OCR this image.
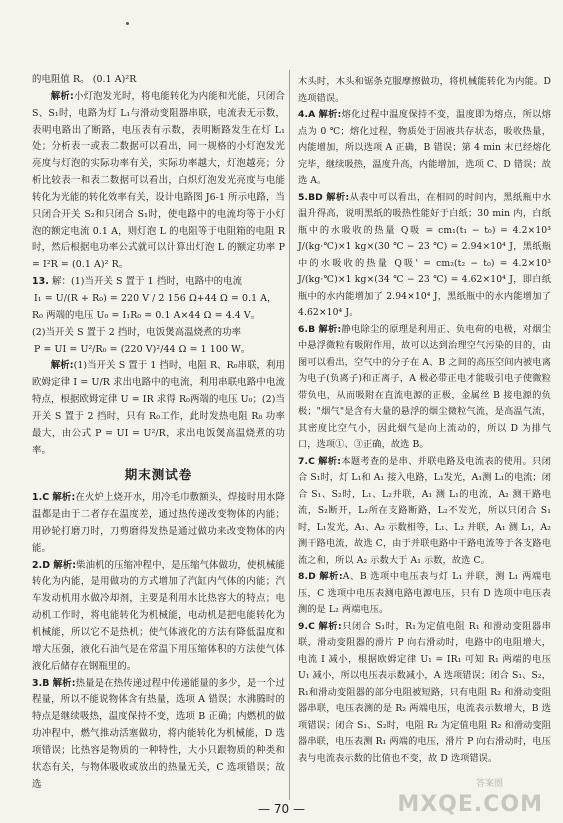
的电阻值 R。 (0.1 A)²R

解析:小灯泡发光时，将电能转化为内能和光能，只闭合 S、S₁时，电路为灯 L₁与滑动变阻器串联，电流表无示数，表明电路出了断路，电压表有示数，表明断路发生在灯 L₁处；分析表一或表二数据可以看出，同一规格的小灯泡发光亮度与灯泡的实际功率有关，实际功率越大，灯泡越亮；分析比较表一和表二数据可以看出，白炽灯泡发光亮度与电能转化为光能的转化效率有关，设计电路图 J6-1 所示电路，当只闭合开关 S₂和只闭合 S₁时，使电路中的电流均等于小灯泡的额定电流 0.1 A，则灯泡 L 的电阻等于电阻箱的电阻 R 时，然后根据电功率公式就可以计算出灯泡 L 的额定功率 P = I²R = (0.1 A)² R。

13. 解：(1)当开关 S 置于 1 挡时，电路中的电流

I₁ = U/(R + R₀) = 220 V / 2 156 Ω+44 Ω = 0.1 A，

R₀ 两端的电压 U₀ = I₁R₀ = 0.1 A×44 Ω = 4.4 V。

(2)当开关 S 置于 2 挡时，电饭煲高温烧煮的功率

P = UI = U²/R₀ = (220 V)²/44 Ω = 1 100 W。

解析:(1)当开关 S 置于 1 挡时，电阻 R、R₀串联，利用欧姆定律 I = U/R 求出电路中的电流，利用串联电路中电流特点，根据欧姆定律 U = IR 求得 R₀两端的电压 U₀；(2)当开关 S 置于 2 挡时，只有 R₀工作，此时发热电阻 R₀ 功率最大，由公式 P = UI = U²/R，求出电饭煲高温烧煮的功率。

期末测试卷

1.C 解析:在火炉上烧开水，用冷毛巾敷额头，焊接时用水降温都是由于二者存在温度差，通过热传递改变物体的内能；用砂轮打磨刀时，刀剪磨得发热是通过做功来改变物体的内能。

2.D 解析:柴油机的压缩冲程中，是压缩气体做功，使机械能转化为内能，是用做功的方式增加了汽缸内气体的内能；汽车发动机用水做冷却剂，主要是利用水比热容大的特点；电动机工作时，将电能转化为机械能，电动机是把电能转化为机械能，所以它不是热机；使气体液化的方法有降低温度和增大压强，液化石油气是在常温下用压缩体积的方法使气体液化后储存在钢瓶里的。

3.B 解析:热量是在热传递过程中传递能量的多少，是一个过程量，所以不能说物体含有热量，选项 A 错误；水沸腾时的特点是继续吸热，温度保持不变，选项 B 正确；内燃机的做功冲程中，燃气推动活塞做功，将内能转化为机械能，D 选项错误；比热容是物质的一种特性，大小只跟物质的种类和状态有关，与物体吸收或放出的热量无关，C 选项错误；故选

木头时，木头和锯条克服摩擦做功，将机械能转化为内能。D 选项错误。

4.A 解析:熔化过程中温度保持不变，温度即为熔点，所以熔点为 0 ℃；熔化过程，物质处于固液共存状态，吸收热量，内能增加，所以选项 A 正确，B 错误；第 4 min 末已经熔化完毕，继续吸热，温度升高，内能增加，选项 C、D 错误；故选 A。

5.BD 解析:从表中可以看出，在相同的时间内，黑纸瓶中水温升得高，说明黑纸的吸热性能好于白纸；30 min 内，白纸瓶中的水吸收的热量 Q吸 = cm₁(t₁ − t₀) = 4.2×10³ J/(kg·℃)×1 kg×(30 ℃ − 23 ℃) = 2.94×10⁴ J，黑纸瓶中的水吸收的热量 Q吸' = cm₂(t₂ − t₀) = 4.2×10³ J/(kg·℃)×1 kg×(34 ℃ − 23 ℃) = 4.62×10⁴ J，即白纸瓶中的水内能增加了 2.94×10⁴ J，黑纸瓶中的水内能增加了 4.62×10⁴ J。

6.B 解析:静电除尘的原理是利用正、负电荷的电极，对烟尘中悬浮微粒有吸附作用，故可以达到治理空气污染的目的，由图可以看出，空气中的分子在 A、B 之间的高压空间内被电离为电子(负离子)和正离子，A 极必带正电才能吸引电子使微粒带负电，从而吸附在直流电源的正极，金属丝 B 接电源的负极；"烟气"是含有大量的悬浮的烟尘微粒气流，是高温气流，其密度比空气小，因此烟气是向上流动的，所以 D 为排气口，选项①、③正确，故选 B。

7.C 解析:本题考查的是串、并联电路及电流表的使用。只闭合 S₁时，灯 L₁和 A₁ 接入电路，L₁发光，A₁测 L₁的电流；闭合 S₁、S₂时，L₁、L₂并联，A₁ 测 L₁的电流，A₂ 测干路电流，S₂断开，L₂所在支路断路，L₂不发光，所以只闭合 S₁时，L₁发光，A₁、A₂ 示数相等，L₁、L₂ 并联，A₁ 测 L₁，A₂ 测干路电流，故选 C，由于并联电路中干路电流等于各支路电流之和，所以 A₂ 示数大于 A₁ 示数，故选 C。

8.D 解析:A、B 选项中电压表与灯 L₁ 并联，测 L₁ 两端电压，C 选项中电压表测电路电源电压，只有 D 选项中电压表测的是 L₂ 两端电压。

9.C 解析:只闭合 S₁时，R₁为定值电阻 R₁ 和滑动变阻器串联，滑动变阻器的滑片 P 向右滑动时，电路中的电阻增大，电流 I 减小，根据欧姆定律 U₁ = IR₁ 可知 R₁ 两端的电压 U₁ 减小，所以电压表示数减小，A 选项错误；闭合 S₁、S₂，R₁和滑动变阻器的部分电阻被短路，只有电阻 R₂ 和滑动变阻器串联，电压表测的是 R₂ 两端电压，电流表示数增大，B 选项错误；闭合 S₁、S₂时，电阻 R₂ 为定值电阻 R₂ 和滑动变阻器串联，电压表测 R₁ 两端的电压，滑片 P 向右滑动时，电压表与电流表示数的比值也不变，故 D 选项错误。

— 70 —
答案圈
MXQE.COM
